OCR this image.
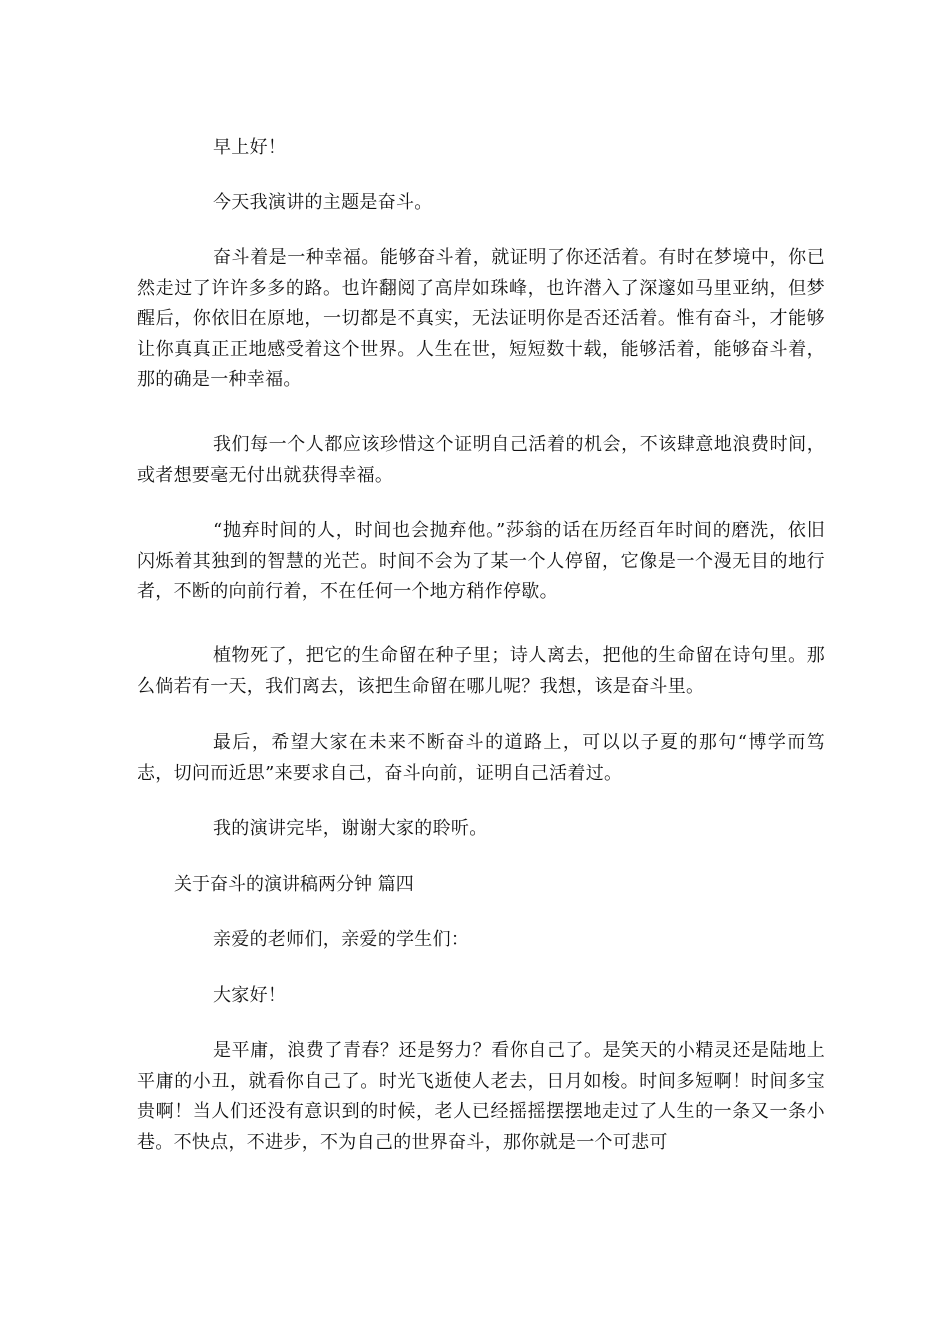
早上好！

今天我演讲的主题是奋斗。

奋斗着是一种幸福。能够奋斗着，就证明了你还活着。有时在梦境中，你已然走过了许许多多的路。也许翻阅了高岸如珠峰，也许潜入了深邃如马里亚纳，但梦醒后，你依旧在原地，一切都是不真实，无法证明你是否还活着。惟有奋斗，才能够让你真真正正地感受着这个世界。人生在世，短短数十载，能够活着，能够奋斗着，那的确是一种幸福。

我们每一个人都应该珍惜这个证明自己活着的机会，不该肆意地浪费时间，或者想要毫无付出就获得幸福。

“抛弃时间的人，时间也会抛弃他。”莎翁的话在历经百年时间的磨洗，依旧闪烁着其独到的智慧的光芒。时间不会为了某一个人停留，它像是一个漫无目的地行者，不断的向前行着，不在任何一个地方稍作停歇。

植物死了，把它的生命留在种子里；诗人离去，把他的生命留在诗句里。那么倘若有一天，我们离去，该把生命留在哪儿呢？我想，该是奋斗里。

最后，希望大家在未来不断奋斗的道路上，可以以子夏的那句“博学而笃志，切问而近思”来要求自己，奋斗向前，证明自己活着过。

我的演讲完毕，谢谢大家的聆听。

关于奋斗的演讲稿两分钟 篇四

亲爱的老师们，亲爱的学生们：

大家好！

是平庸，浪费了青春？还是努力？看你自己了。是笑天的小精灵还是陆地上平庸的小丑，就看你自己了。时光飞逝使人老去，日月如梭。时间多短啊！时间多宝贵啊！当人们还没有意识到的时候，老人已经摇摇摆摆地走过了人生的一条又一条小巷。不快点，不进步，不为自己的世界奋斗，那你就是一个可悲可
